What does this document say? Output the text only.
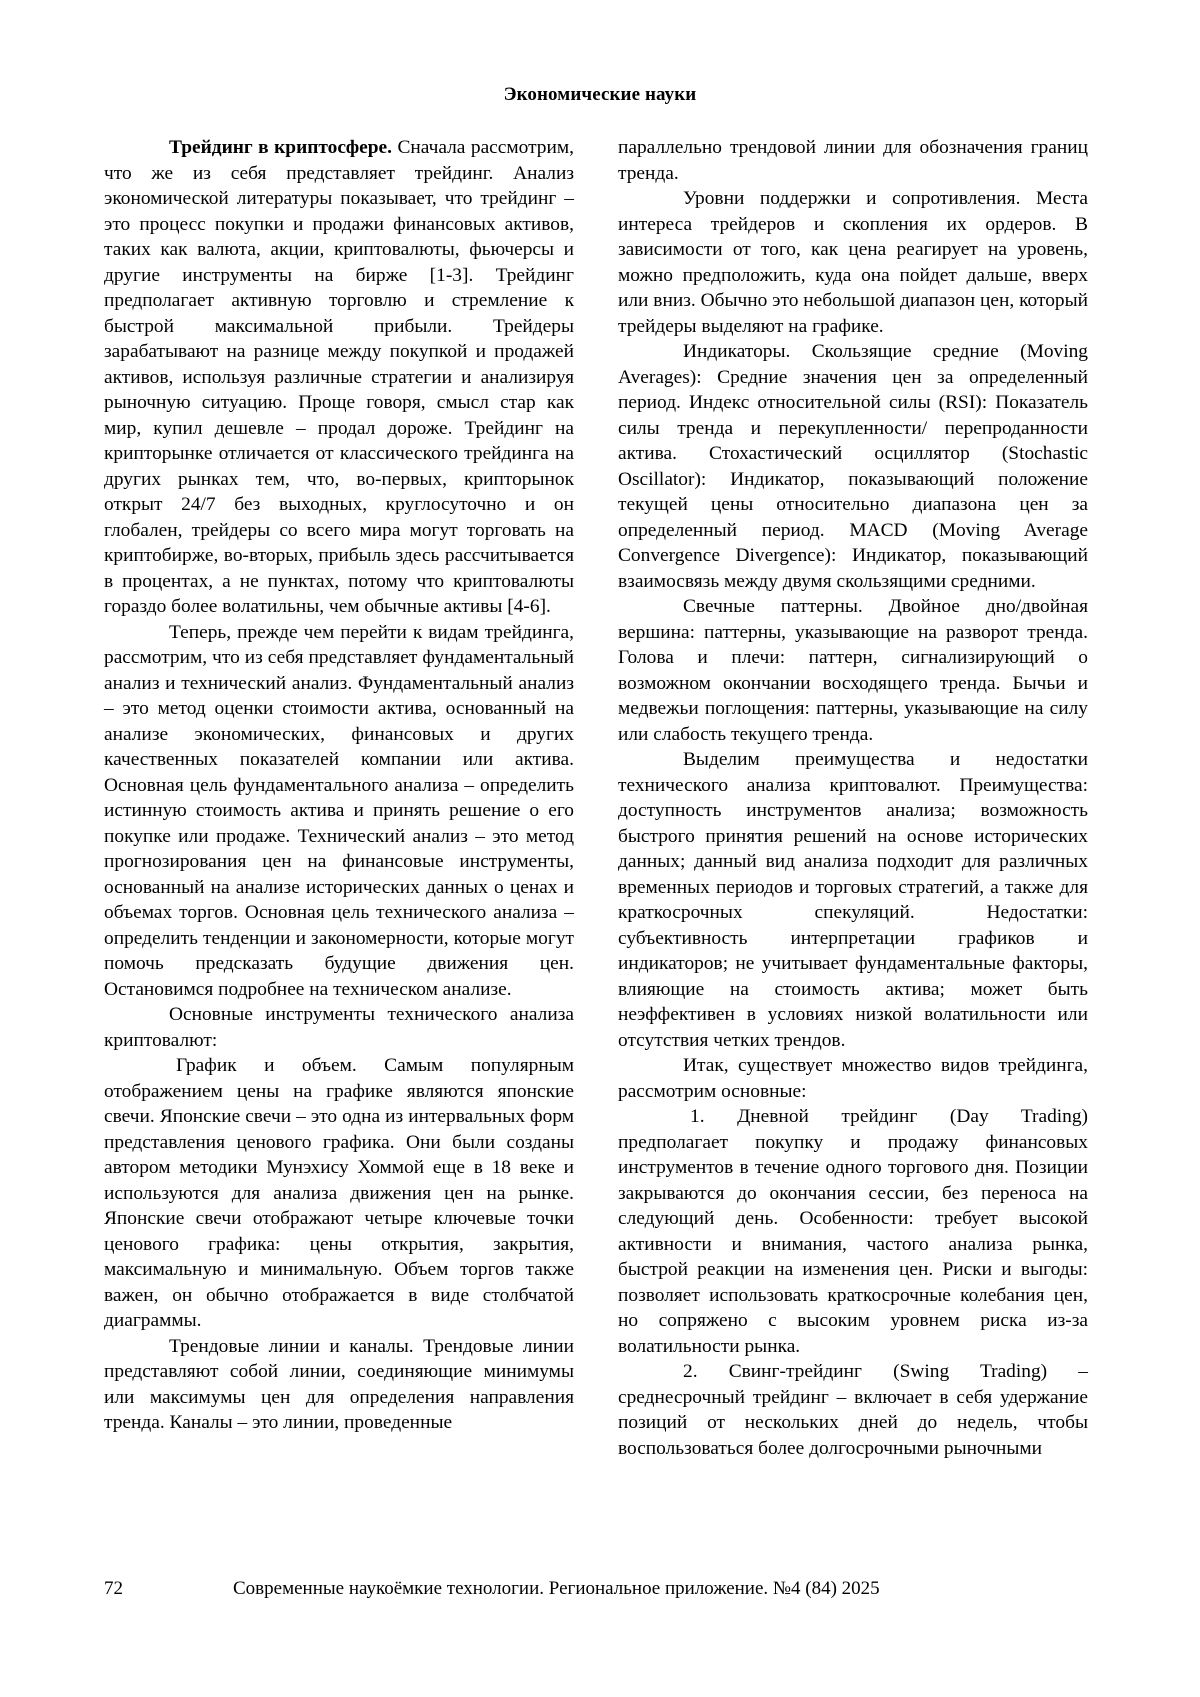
Экономические науки

Трейдинг в криптосфере. Сначала рассмотрим, что же из себя представляет трейдинг. Анализ экономической литературы показывает, что трейдинг – это процесс покупки и продажи финансовых активов, таких как валюта, акции, криптовалюты, фьючерсы и другие инструменты на бирже [1-3]. Трейдинг предполагает активную торговлю и стремление к быстрой максимальной прибыли. Трейдеры зарабатывают на разнице между покупкой и продажей активов, используя различные стратегии и анализируя рыночную ситуацию. Проще говоря, смысл стар как мир, купил дешевле – продал дороже. Трейдинг на крипторынке отличается от классического трейдинга на других рынках тем, что, во-первых, крипторынок открыт 24/7 без выходных, круглосуточно и он глобален, трейдеры со всего мира могут торговать на криптобирже, во-вторых, прибыль здесь рассчитывается в процентах, а не пунктах, потому что криптовалюты гораздо более волатильны, чем обычные активы [4-6].

Теперь, прежде чем перейти к видам трейдинга, рассмотрим, что из себя представляет фундаментальный анализ и технический анализ. Фундаментальный анализ – это метод оценки стоимости актива, основанный на анализе экономических, финансовых и других качественных показателей компании или актива. Основная цель фундаментального анализа – определить истинную стоимость актива и принять решение о его покупке или продаже. Технический анализ – это метод прогнозирования цен на финансовые инструменты, основанный на анализе исторических данных о ценах и объемах торгов. Основная цель технического анализа – определить тенденции и закономерности, которые могут помочь предсказать будущие движения цен. Остановимся подробнее на техническом анализе.

Основные инструменты технического анализа криптовалют:

График и объем. Самым популярным отображением цены на графике являются японские свечи. Японские свечи – это одна из интервальных форм представления ценового графика. Они были созданы автором методики Мунэхису Хоммой еще в 18 веке и используются для анализа движения цен на рынке. Японские свечи отображают четыре ключевые точки ценового графика: цены открытия, закрытия, максимальную и минимальную. Объем торгов также важен, он обычно отображается в виде столбчатой диаграммы.

Трендовые линии и каналы. Трендовые линии представляют собой линии, соединяющие минимумы или максимумы цен для определения направления тренда. Каналы – это линии, проведенные

параллельно трендовой линии для обозначения границ тренда.

Уровни поддержки и сопротивления. Места интереса трейдеров и скопления их ордеров. В зависимости от того, как цена реагирует на уровень, можно предположить, куда она пойдет дальше, вверх или вниз. Обычно это небольшой диапазон цен, который трейдеры выделяют на графике.

Индикаторы. Скользящие средние (Moving Averages): Средние значения цен за определенный период. Индекс относительной силы (RSI): Показатель силы тренда и перекупленности/ перепроданности актива. Стохастический осциллятор (Stochastic Oscillator): Индикатор, показывающий положение текущей цены относительно диапазона цен за определенный период. MACD (Moving Average Convergence Divergence): Индикатор, показывающий взаимосвязь между двумя скользящими средними.

Свечные паттерны. Двойное дно/двойная вершина: паттерны, указывающие на разворот тренда. Голова и плечи: паттерн, сигнализирующий о возможном окончании восходящего тренда. Бычьи и медвежьи поглощения: паттерны, указывающие на силу или слабость текущего тренда.

Выделим преимущества и недостатки технического анализа криптовалют. Преимущества: доступность инструментов анализа; возможность быстрого принятия решений на основе исторических данных; данный вид анализа подходит для различных временных периодов и торговых стратегий, а также для краткосрочных спекуляций. Недостатки: субъективность интерпретации графиков и индикаторов; не учитывает фундаментальные факторы, влияющие на стоимость актива; может быть неэффективен в условиях низкой волатильности или отсутствия четких трендов.

Итак, существует множество видов трейдинга, рассмотрим основные:

1. Дневной трейдинг (Day Trading) предполагает покупку и продажу финансовых инструментов в течение одного торгового дня. Позиции закрываются до окончания сессии, без переноса на следующий день. Особенности: требует высокой активности и внимания, частого анализа рынка, быстрой реакции на изменения цен. Риски и выгоды: позволяет использовать краткосрочные колебания цен, но сопряжено с высоким уровнем риска из-за волатильности рынка.

2. Свинг-трейдинг (Swing Trading) – среднесрочный трейдинг – включает в себя удержание позиций от нескольких дней до недель, чтобы воспользоваться более долгосрочными рыночными

72	Современные наукоёмкие технологии. Региональное приложение. №4 (84) 2025
